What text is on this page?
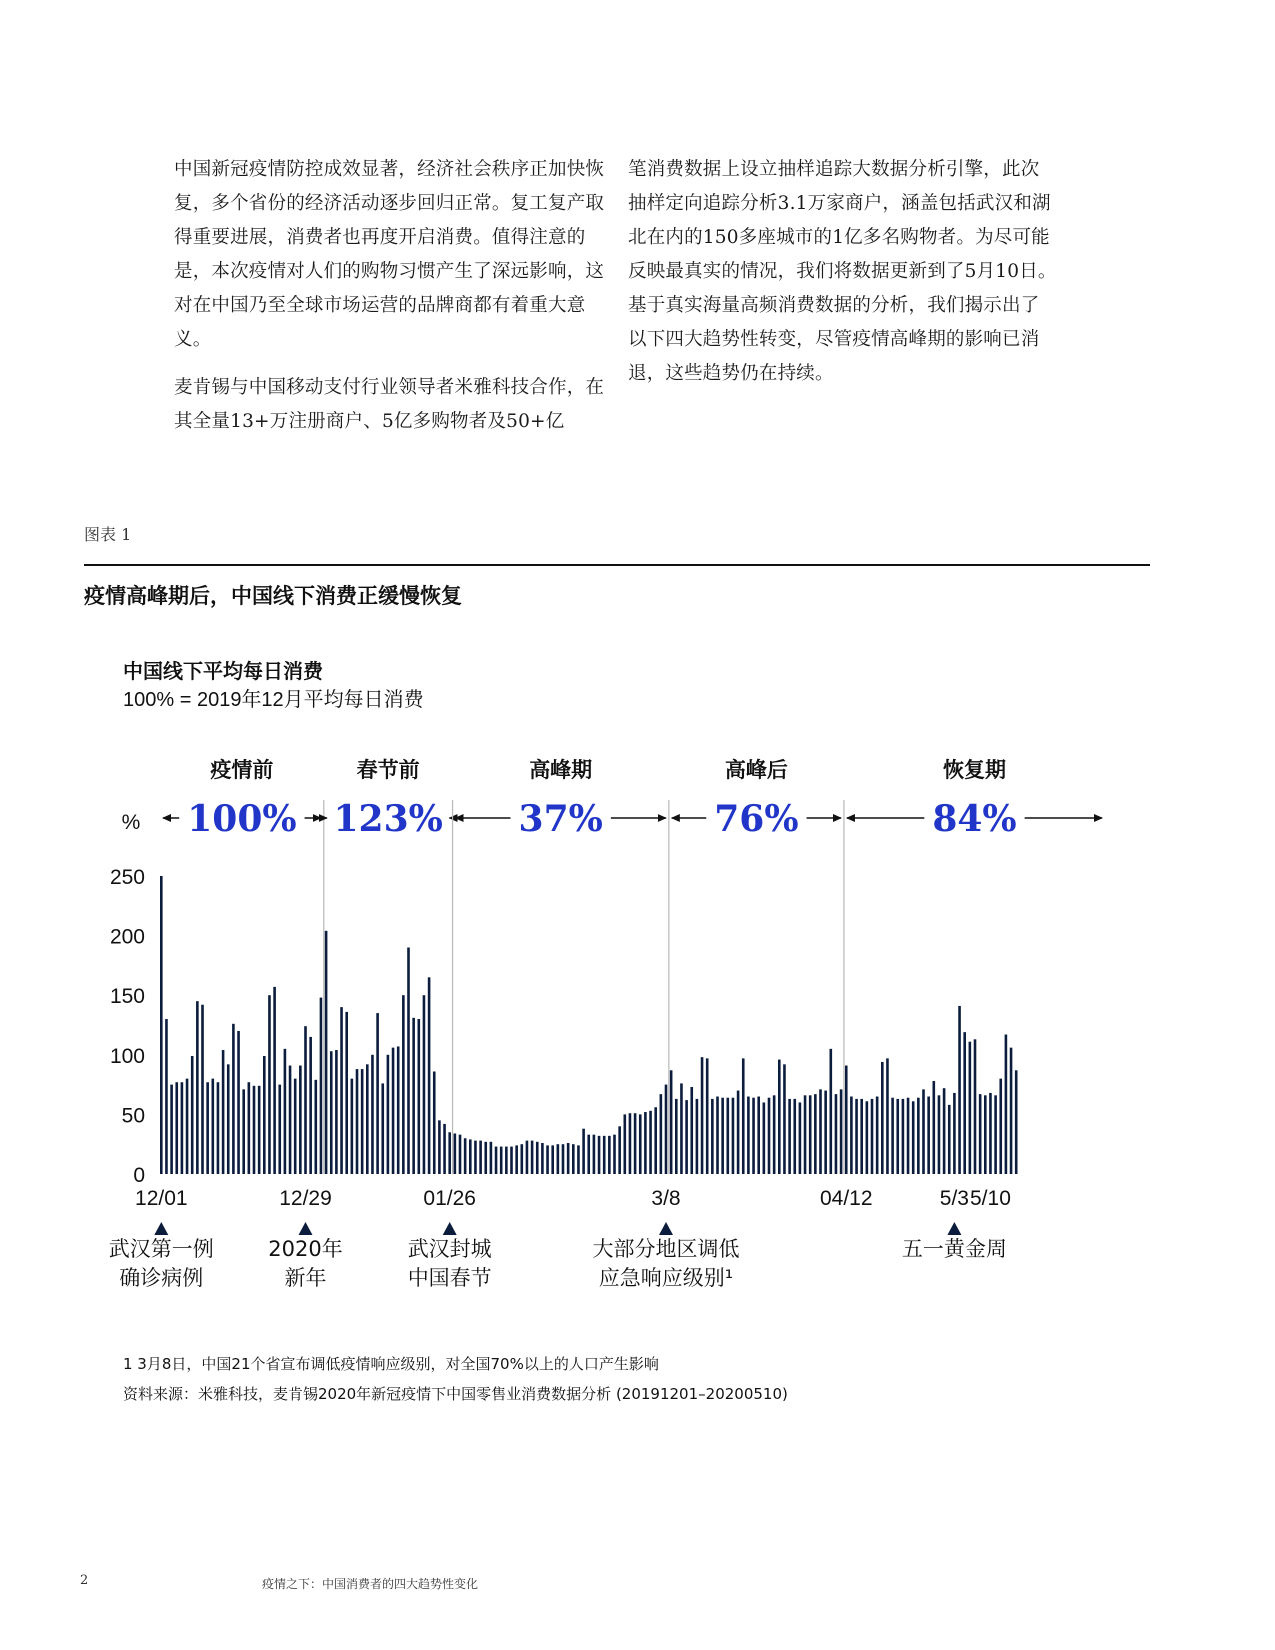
中国新冠疫情防控成效显著，经济社会秩序正加快恢复，多个省份的经济活动逐步回归正常。复工复产取得重要进展，消费者也再度开启消费。值得注意的是，本次疫情对人们的购物习惯产生了深远影响，这对在中国乃至全球市场运营的品牌商都有着重大意义。

麦肯锡与中国移动支付行业领导者米雅科技合作，在其全量13+万注册商户、5亿多购物者及50+亿

笔消费数据上设立抽样追踪大数据分析引擎，此次抽样定向追踪分析3.1万家商户，涵盖包括武汉和湖北在内的150多座城市的1亿多名购物者。为尽可能反映最真实的情况，我们将数据更新到了5月10日。基于真实海量高频消费数据的分析，我们揭示出了以下四大趋势性转变，尽管疫情高峰期的影响已消退，这些趋势仍在持续。

图表 1
疫情高峰期后，中国线下消费正缓慢恢复
中国线下平均每日消费
100% = 2019年12月平均每日消费
%
疫情前
100%
春节前
123%
高峰期
37%
高峰后
76%
恢复期
84%
0
50
100
150
200
250
12/01	12/29	01/26	3/8	04/12	5/3 5/10
武汉第一例
确诊病例
2020年
新年
武汉封城
中国春节
大部分地区调低
应急响应级别¹
五一黄金周
1 3月8日，中国21个省宣布调低疫情响应级别，对全国70%以上的人口产生影响
资料来源：米雅科技，麦肯锡2020年新冠疫情下中国零售业消费数据分析 (20191201–20200510)
2	疫情之下：中国消费者的四大趋势性变化
